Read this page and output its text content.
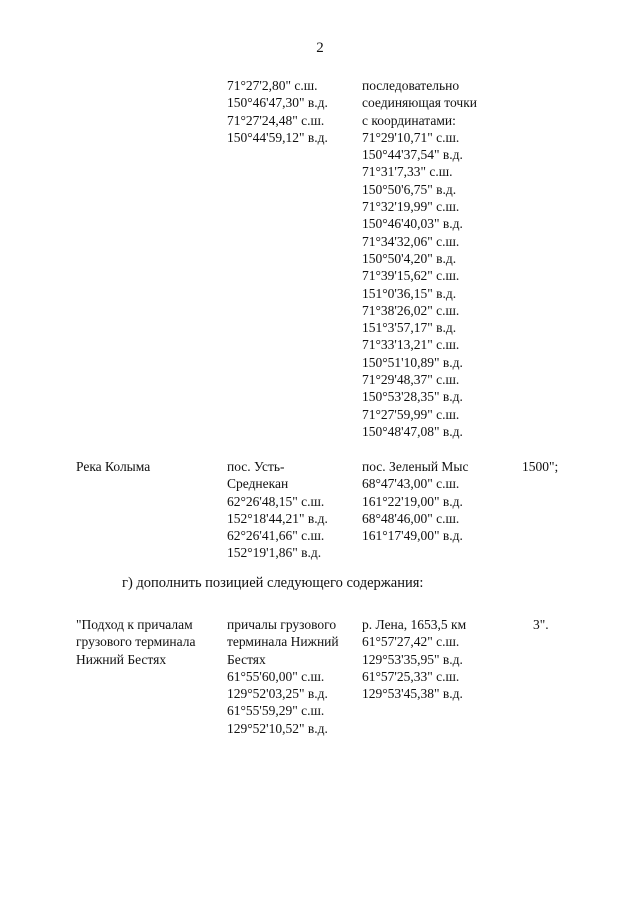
2
71°27'2,80" с.ш.
150°46'47,30" в.д.
71°27'24,48" с.ш.
150°44'59,12" в.д.
последовательно
соединяющая точки
с координатами:
71°29'10,71" с.ш.
150°44'37,54" в.д.
71°31'7,33" с.ш.
150°50'6,75" в.д.
71°32'19,99" с.ш.
150°46'40,03" в.д.
71°34'32,06" с.ш.
150°50'4,20" в.д.
71°39'15,62" с.ш.
151°0'36,15" в.д.
71°38'26,02" с.ш.
151°3'57,17" в.д.
71°33'13,21" с.ш.
150°51'10,89" в.д.
71°29'48,37" с.ш.
150°53'28,35" в.д.
71°27'59,99" с.ш.
150°48'47,08" в.д.
Река Колыма	пос. Усть-
Среднекан
62°26'48,15" с.ш.
152°18'44,21" в.д.
62°26'41,66" с.ш.
152°19'1,86" в.д.
пос. Зеленый Мыс
68°47'43,00" с.ш.
161°22'19,00" в.д.
68°48'46,00" с.ш.
161°17'49,00" в.д.
1500";
г) дополнить позицией следующего содержания:
"Подход к причалам
грузового терминала
Нижний Бестях
причалы грузового
терминала Нижний
Бестях
61°55'60,00" с.ш.
129°52'03,25" в.д.
61°55'59,29" с.ш.
129°52'10,52" в.д.
р. Лена, 1653,5 км
61°57'27,42" с.ш.
129°53'35,95" в.д.
61°57'25,33" с.ш.
129°53'45,38" в.д.
3".
